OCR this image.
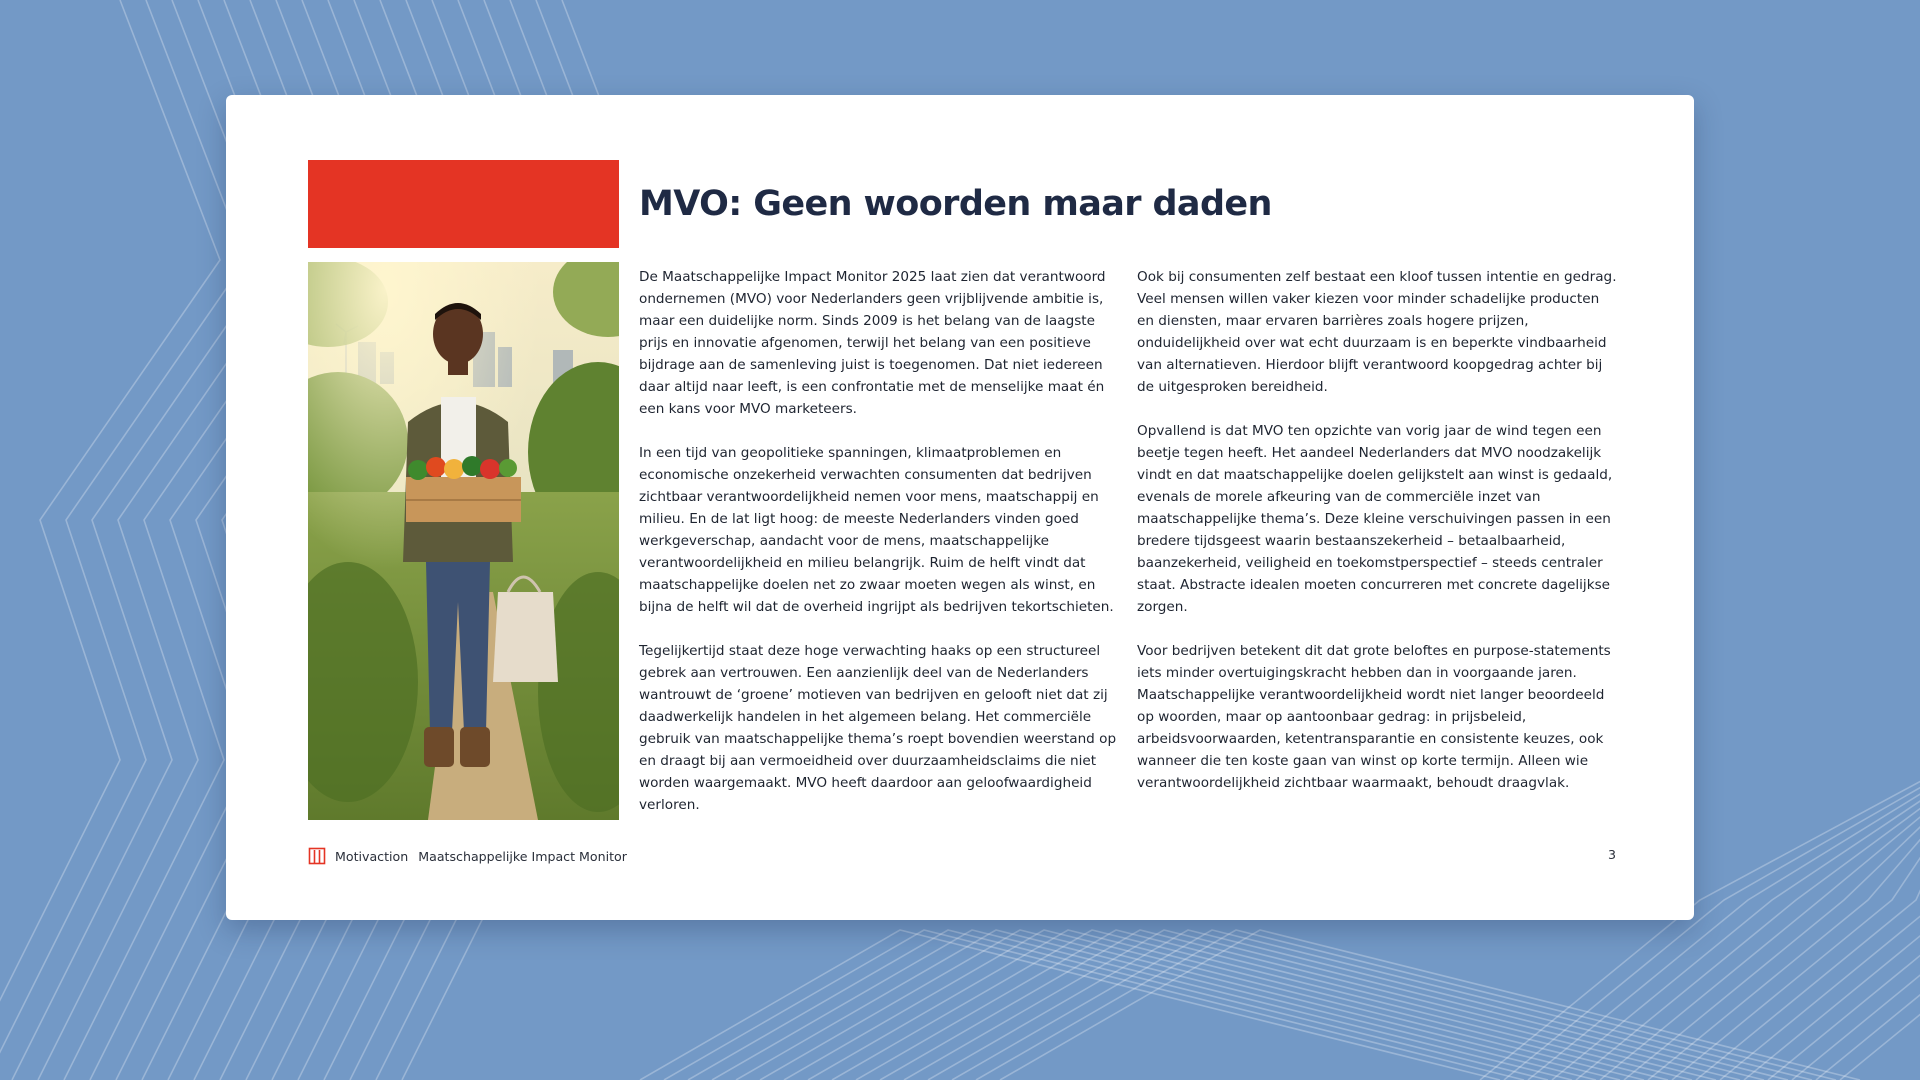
MVO: Geen woorden maar daden

De Maatschappelijke Impact Monitor 2025 laat zien dat verantwoord ondernemen (MVO) voor Nederlanders geen vrijblijvende ambitie is, maar een duidelijke norm. Sinds 2009 is het belang van de laagste prijs en innovatie afgenomen, terwijl het belang van een positieve bijdrage aan de samenleving juist is toegenomen. Dat niet iedereen daar altijd naar leeft, is een confrontatie met de menselijke maat én een kans voor MVO marketeers.

In een tijd van geopolitieke spanningen, klimaatproblemen en economische onzekerheid verwachten consumenten dat bedrijven zichtbaar verantwoordelijkheid nemen voor mens, maatschappij en milieu. En de lat ligt hoog: de meeste Nederlanders vinden goed werkgeverschap, aandacht voor de mens, maatschappelijke verantwoordelijkheid en milieu belangrijk. Ruim de helft vindt dat maatschappelijke doelen net zo zwaar moeten wegen als winst, en bijna de helft wil dat de overheid ingrijpt als bedrijven tekortschieten.

Tegelijkertijd staat deze hoge verwachting haaks op een structureel gebrek aan vertrouwen. Een aanzienlijk deel van de Nederlanders wantrouwt de ‘groene’ motieven van bedrijven en gelooft niet dat zij daadwerkelijk handelen in het algemeen belang. Het commerciële gebruik van maatschappelijke thema’s roept bovendien weerstand op en draagt bij aan vermoeidheid over duurzaamheidsclaims die niet worden waargemaakt. MVO heeft daardoor aan geloofwaardigheid verloren.

Ook bij consumenten zelf bestaat een kloof tussen intentie en gedrag. Veel mensen willen vaker kiezen voor minder schadelijke producten en diensten, maar ervaren barrières zoals hogere prijzen, onduidelijkheid over wat echt duurzaam is en beperkte vindbaarheid van alternatieven. Hierdoor blijft verantwoord koopgedrag achter bij de uitgesproken bereidheid.

Opvallend is dat MVO ten opzichte van vorig jaar de wind tegen een beetje tegen heeft. Het aandeel Nederlanders dat MVO noodzakelijk vindt en dat maatschappelijke doelen gelijkstelt aan winst is gedaald, evenals de morele afkeuring van de commerciële inzet van maatschappelijke thema’s. Deze kleine verschuivingen passen in een bredere tijdsgeest waarin bestaanszekerheid – betaalbaarheid, baanzekerheid, veiligheid en toekomstperspectief – steeds centraler staat. Abstracte idealen moeten concurreren met concrete dagelijkse zorgen.

Voor bedrijven betekent dit dat grote beloftes en purpose-statements iets minder overtuigingskracht hebben dan in voorgaande jaren. Maatschappelijke verantwoordelijkheid wordt niet langer beoordeeld op woorden, maar op aantoonbaar gedrag: in prijsbeleid, arbeidsvoorwaarden, ketentransparantie en consistente keuzes, ook wanneer die ten koste gaan van winst op korte termijn. Alleen wie verantwoordelijkheid zichtbaar waarmaakt, behoudt draagvlak.

Motivaction Maatschappelijke Impact Monitor	3
